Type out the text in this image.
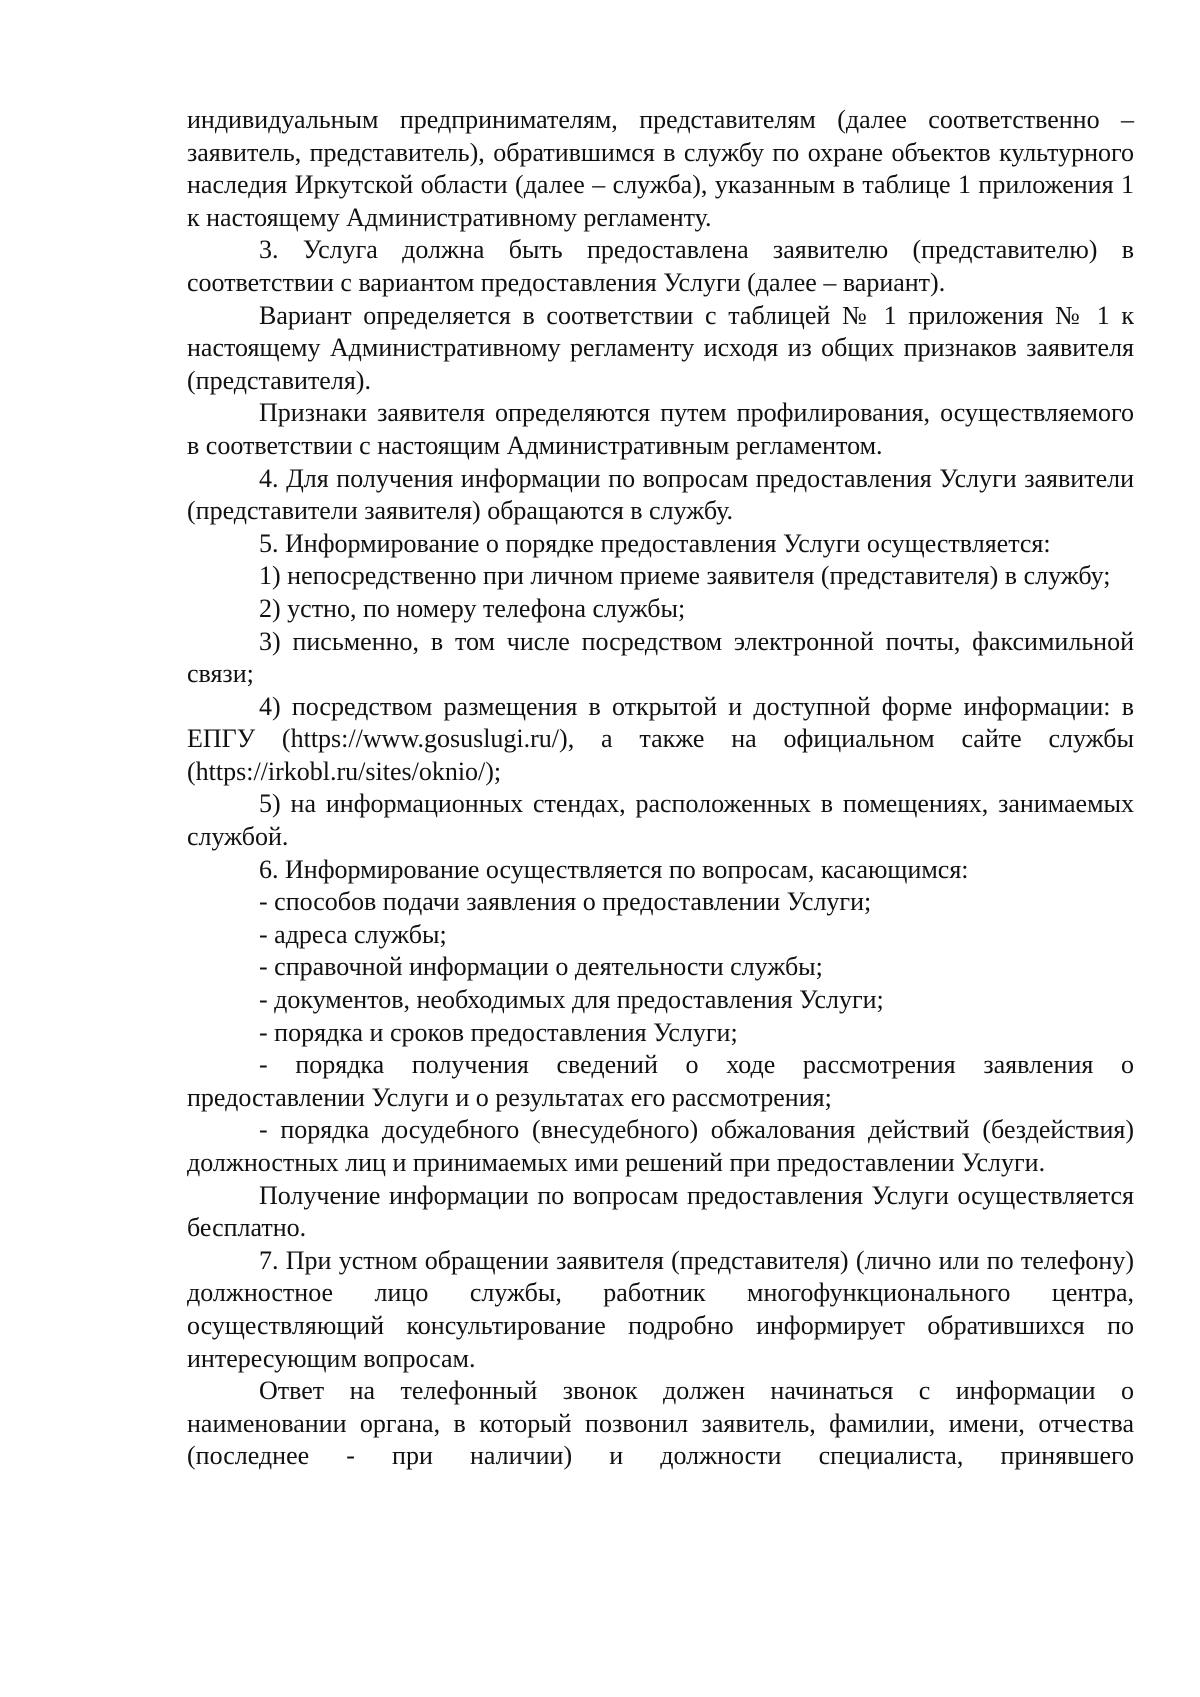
индивидуальным предпринимателям, представителям (далее соответственно – заявитель, представитель), обратившимся в службу по охране объектов культурного наследия Иркутской области (далее – служба), указанным в таблице 1 приложения 1 к настоящему Административному регламенту.

3. Услуга должна быть предоставлена заявителю (представителю) в соответствии с вариантом предоставления Услуги (далее – вариант).

Вариант определяется в соответствии с таблицей № 1 приложения № 1 к настоящему Административному регламенту исходя из общих признаков заявителя (представителя).

Признаки заявителя определяются путем профилирования, осуществляемого в соответствии с настоящим Административным регламентом.

4. Для получения информации по вопросам предоставления Услуги заявители (представители заявителя) обращаются в службу.

5. Информирование о порядке предоставления Услуги осуществляется:

1) непосредственно при личном приеме заявителя (представителя) в службу;

2) устно, по номеру телефона службы;

3) письменно, в том числе посредством электронной почты, факсимильной связи;

4) посредством размещения в открытой и доступной форме информации: в ЕПГУ (https://www.gosuslugi.ru/), а также на официальном сайте службы (https://irkobl.ru/sites/oknio/);

5) на информационных стендах, расположенных в помещениях, занимаемых службой.

6. Информирование осуществляется по вопросам, касающимся:

- способов подачи заявления о предоставлении Услуги;

- адреса службы;

- справочной информации о деятельности службы;

- документов, необходимых для предоставления Услуги;

- порядка и сроков предоставления Услуги;

- порядка получения сведений о ходе рассмотрения заявления о предоставлении Услуги и о результатах его рассмотрения;

- порядка досудебного (внесудебного) обжалования действий (бездействия) должностных лиц и принимаемых ими решений при предоставлении Услуги.

Получение информации по вопросам предоставления Услуги осуществляется бесплатно.

7. При устном обращении заявителя (представителя) (лично или по телефону) должностное лицо службы, работник многофункционального центра, осуществляющий консультирование подробно информирует обратившихся по интересующим вопросам.

Ответ на телефонный звонок должен начинаться с информации о наименовании органа, в который позвонил заявитель, фамилии, имени, отчества (последнее - при наличии) и должности специалиста, принявшего
